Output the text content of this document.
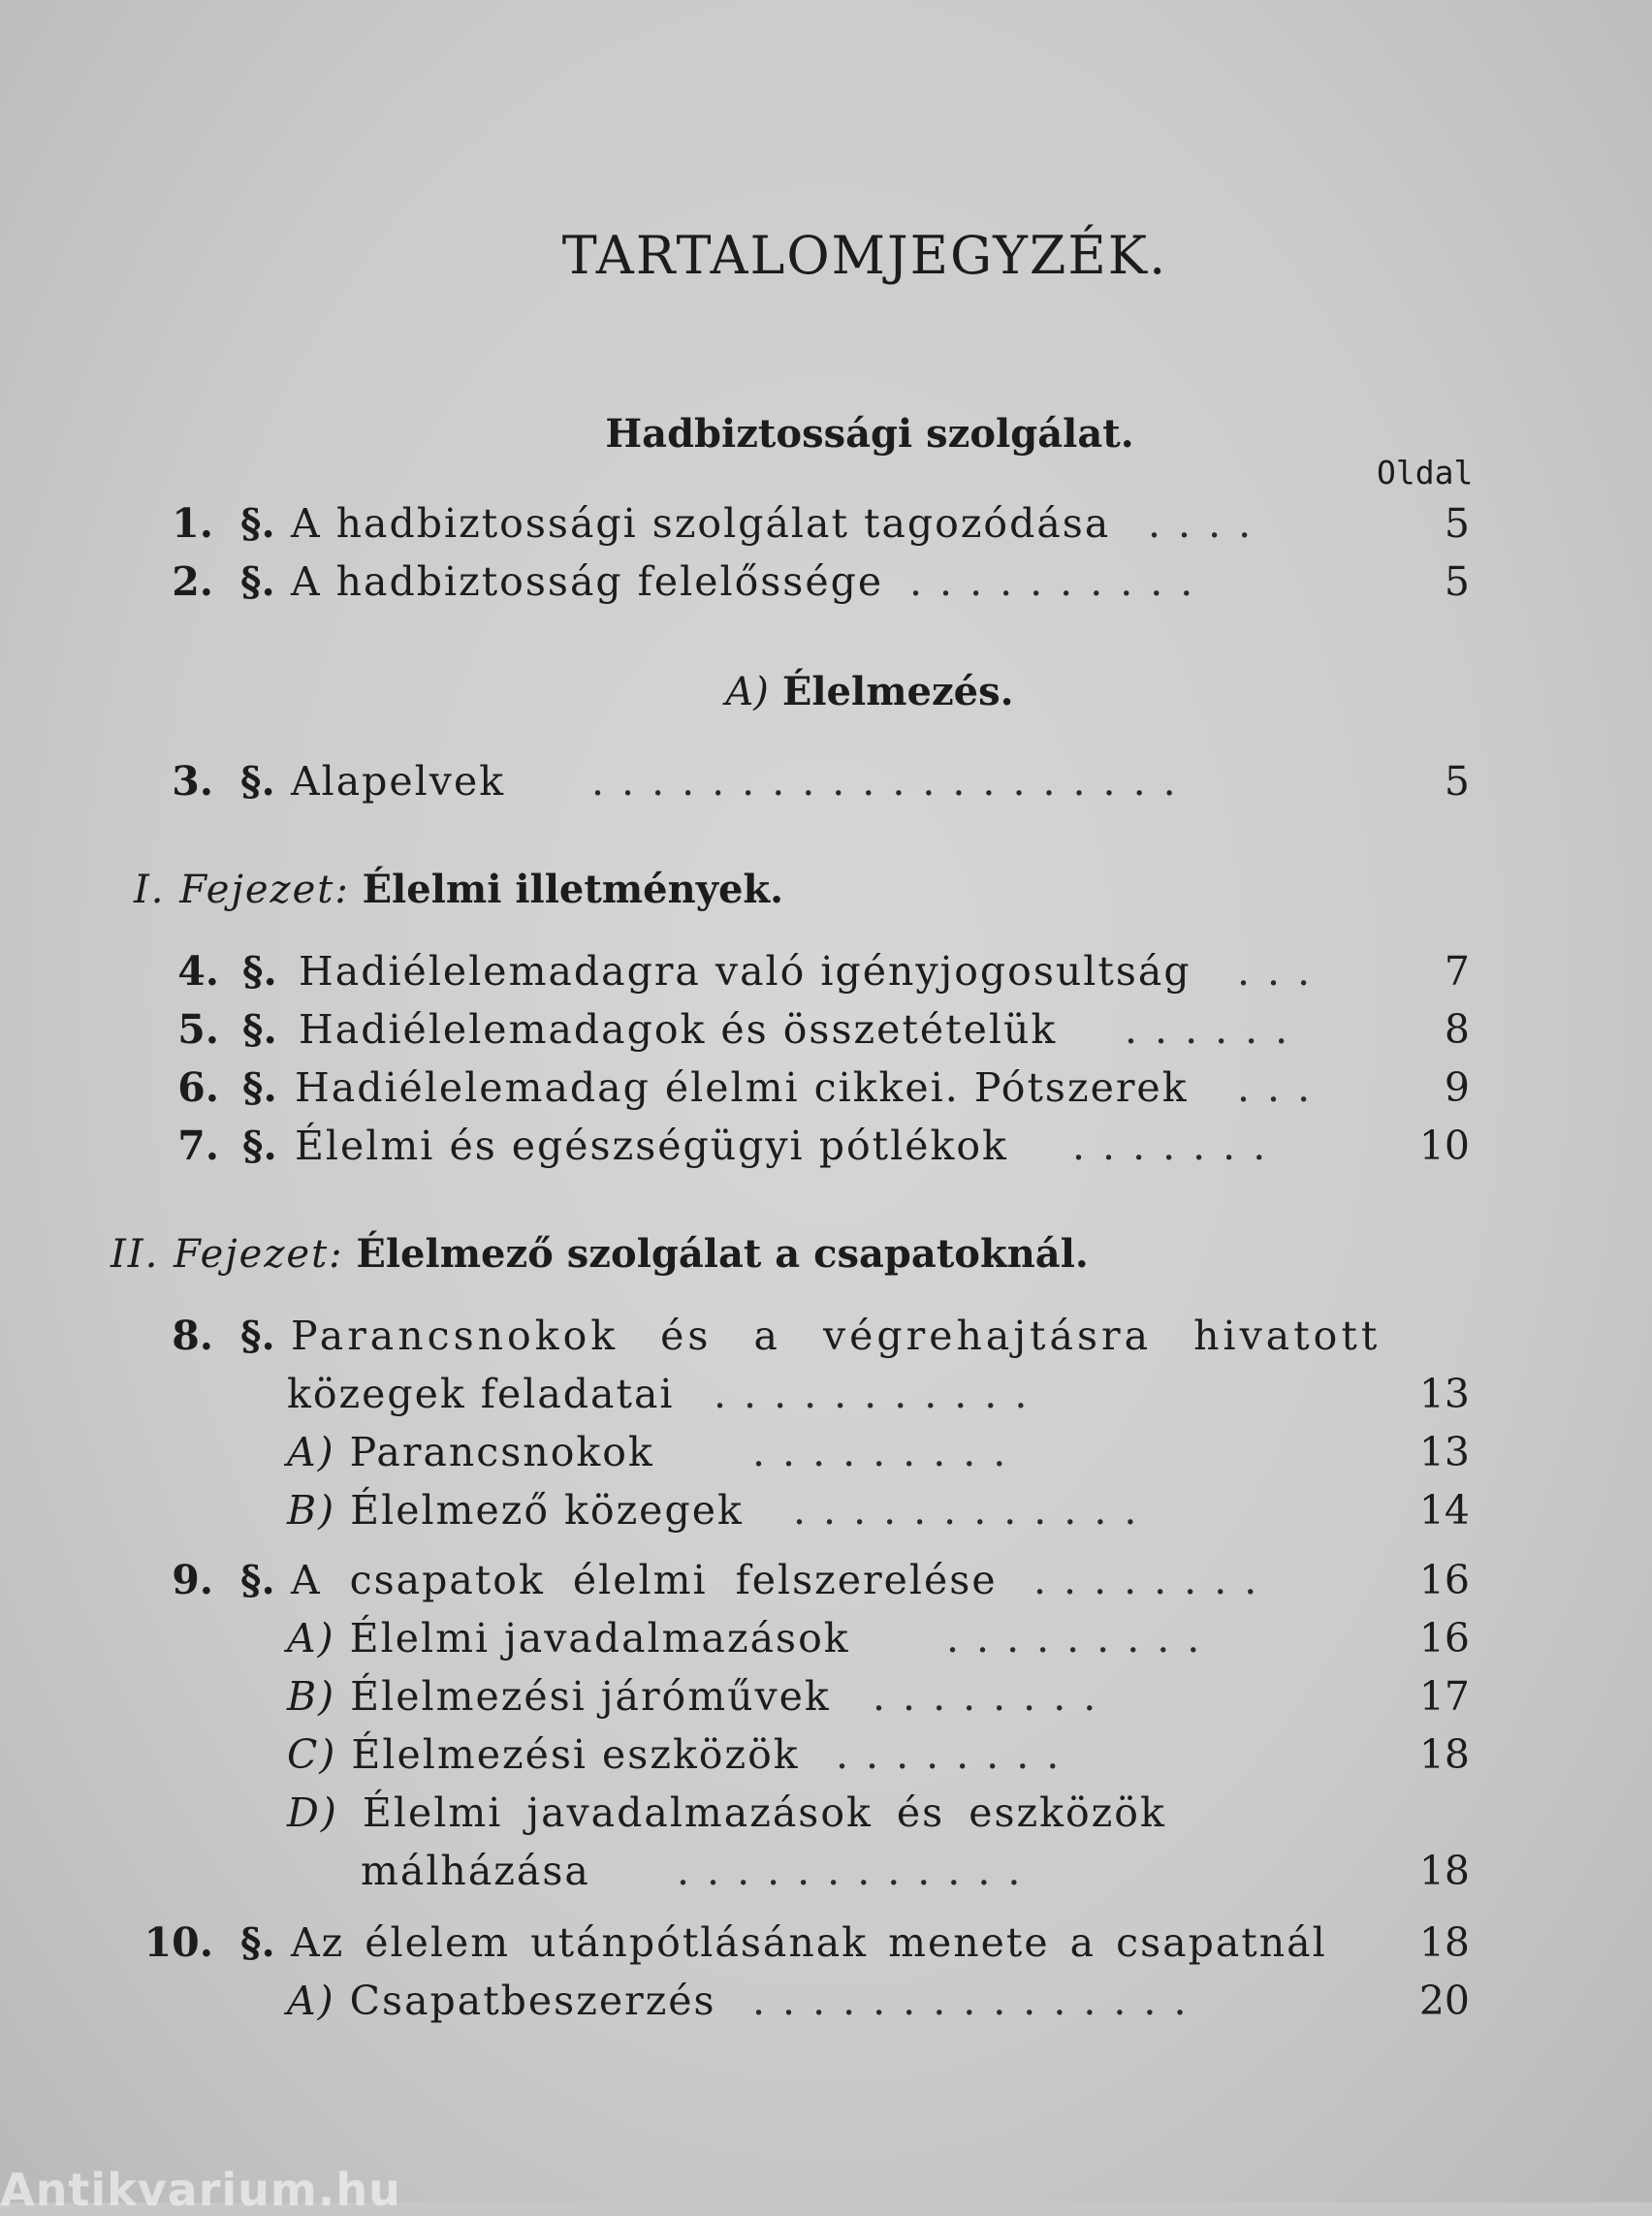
TARTALOMJEGYZÉK.
Hadbiztossági szolgálat.
Oldal
1. §. A hadbiztossági szolgálat tagozódása ....	5
2. §. A hadbiztosság felelőssége ..........	5
A) Élelmezés.
3. §. Alapelvek ....................	5
I. Fejezet: Élelmi illetmények.
4. §. Hadiélelemadagra való igényjogosultság ...	7
5. §. Hadiélelemadagok és összetételük ......	8
6. §. Hadiélelemadag élelmi cikkei. Pótszerek ...	9
7. §. Élelmi és egészségügyi pótlékok .......	10
II. Fejezet: Élelmező szolgálat a csapatoknál.
8. §. Parancsnokok és a végrehajtásra hivatott
közegek feladatai ...........	13
A) Parancsnokok .........	13
B) Élelmező közegek ............	14
9. §. A csapatok élelmi felszerelése ........	16
A) Élelmi javadalmazások .........	16
B) Élelmezési járóművek ........	17
C) Élelmezési eszközök ........	18
D) Élelmi javadalmazások és eszközök
málházása ............	18
10. §. Az élelem utánpótlásának menete a csapatnál 18
A) Csapatbeszerzés ...............	20
Antikvarium.hu
